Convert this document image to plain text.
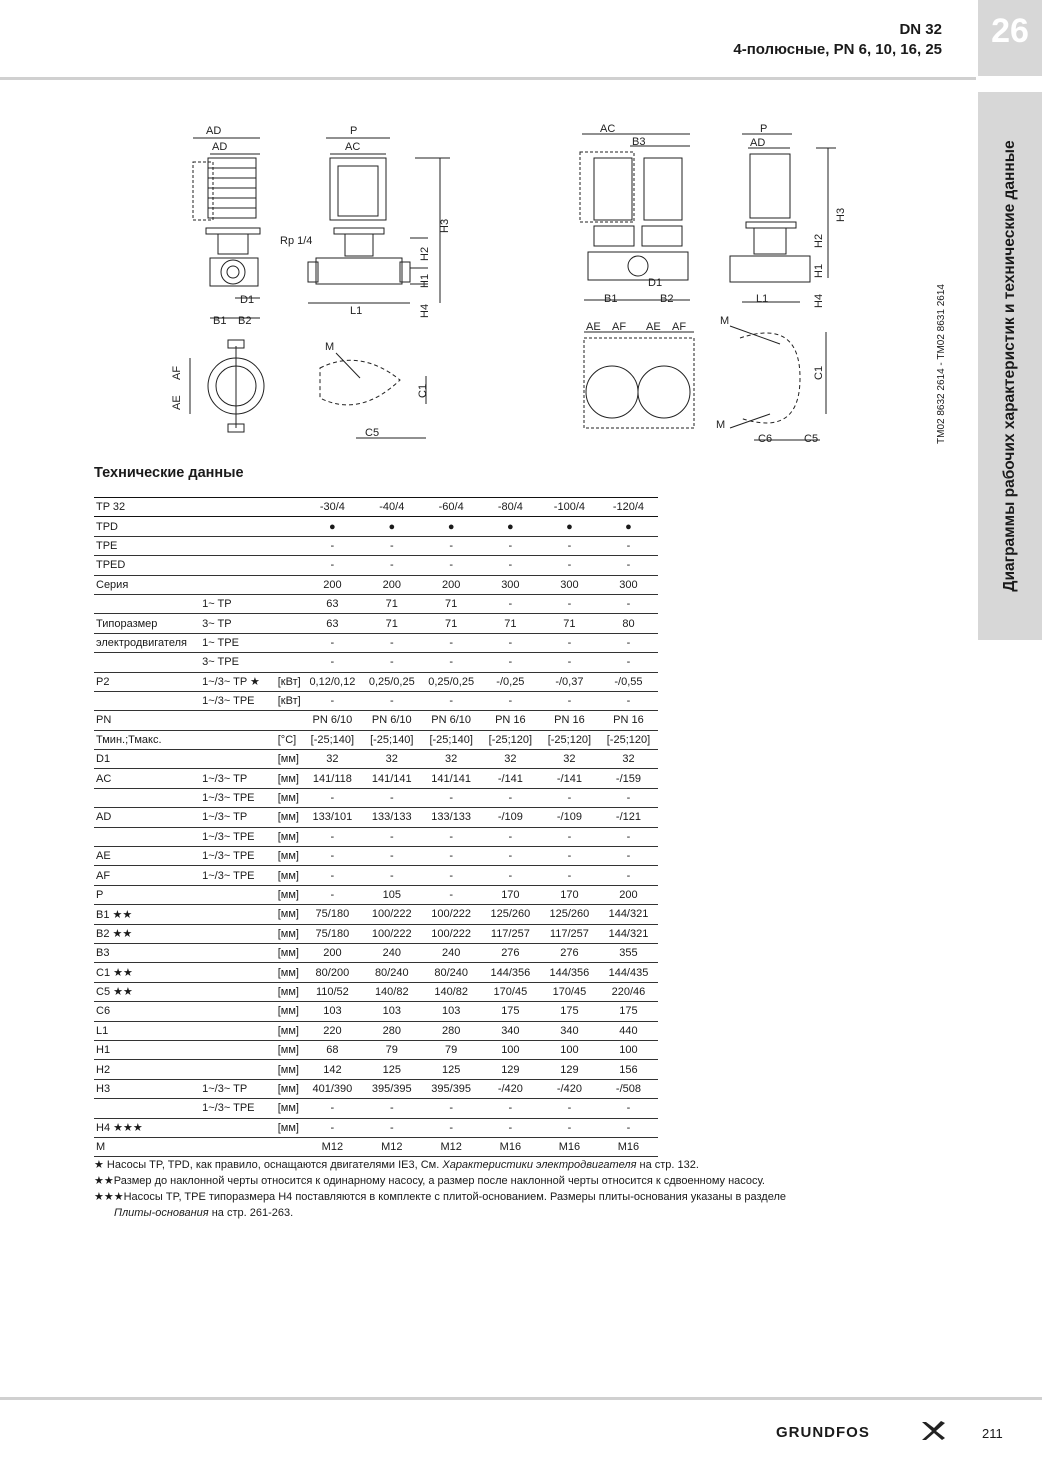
DN 32
4-полюсные, PN 6, 10, 16, 25	26
Диаграммы рабочих характеристик и технические данные
TM02 8632 2614 - TM02 8631 2614
AD
AD
D1
B1 B2
P
AC
Rp 1/4
L1
H2
H1
H4
H3
AF
AE
M
C5
C1
AC
B3
D1
B1	B2
P
AD
L1
H2
H1
H4
H3
AE AF AE AF	M
M
C6	C5
C1
Технические данные
TP 32			-30/4	-40/4	-60/4	-80/4	-100/4	-120/4
TPD			●	●	●	●	●	●
TPE			-	-	-	-	-	-
TPED			-	-	-	-	-	-
Серия			200	200	200	300	300	300
	1~ TP		63	71	71	-	-	-
Типоразмер	3~ TP		63	71	71	71	71	80
электродвигателя	1~ TPE		-	-	-	-	-	-
	3~ TPE		-	-	-	-	-	-
P2	1~/3~ TP ★	[кВт]	0,12/0,12	0,25/0,25	0,25/0,25	-/0,25	-/0,37	-/0,55
	1~/3~ TPE	[кВт]	-	-	-	-	-	-
PN			PN 6/10	PN 6/10	PN 6/10	PN 16	PN 16	PN 16
Тмин.;Тмакс.		[°C]	[-25;140]	[-25;140]	[-25;140]	[-25;120]	[-25;120]	[-25;120]
D1		[мм]	32	32	32	32	32	32
AC	1~/3~ TP	[мм]	141/118	141/141	141/141	-/141	-/141	-/159
	1~/3~ TPE	[мм]	-	-	-	-	-	-
AD	1~/3~ TP	[мм]	133/101	133/133	133/133	-/109	-/109	-/121
	1~/3~ TPE	[мм]	-	-	-	-	-	-
AE	1~/3~ TPE	[мм]	-	-	-	-	-	-
AF	1~/3~ TPE	[мм]	-	-	-	-	-	-
P		[мм]	-	105	-	170	170	200
B1 ★★		[мм]	75/180	100/222	100/222	125/260	125/260	144/321
B2 ★★		[мм]	75/180	100/222	100/222	117/257	117/257	144/321
B3		[мм]	200	240	240	276	276	355
C1 ★★		[мм]	80/200	80/240	80/240	144/356	144/356	144/435
C5 ★★		[мм]	110/52	140/82	140/82	170/45	170/45	220/46
C6		[мм]	103	103	103	175	175	175
L1		[мм]	220	280	280	340	340	440
H1		[мм]	68	79	79	100	100	100
H2		[мм]	142	125	125	129	129	156
H3	1~/3~ TP	[мм]	401/390	395/395	395/395	-/420	-/420	-/508
	1~/3~ TPE	[мм]	-	-	-	-	-	-
H4 ★★★		[мм]	-	-	-	-	-	-
M			M12	M12	M12	M16	M16	M16
★ Насосы TP, TPD, как правило, оснащаются двигателями IE3, См. Характеристики электродвигателя на стр. 132.
★★Размер до наклонной черты относится к одинарному насосу, а размер после наклонной черты относится к сдвоенному насосу.
★★★Насосы TP, TPE типоразмера H4 поставляются в комплекте с плитой-основанием. Размеры плиты-основания указаны в разделе
Плиты-основания на стр. 261-263.
GRUNDFOS	211
